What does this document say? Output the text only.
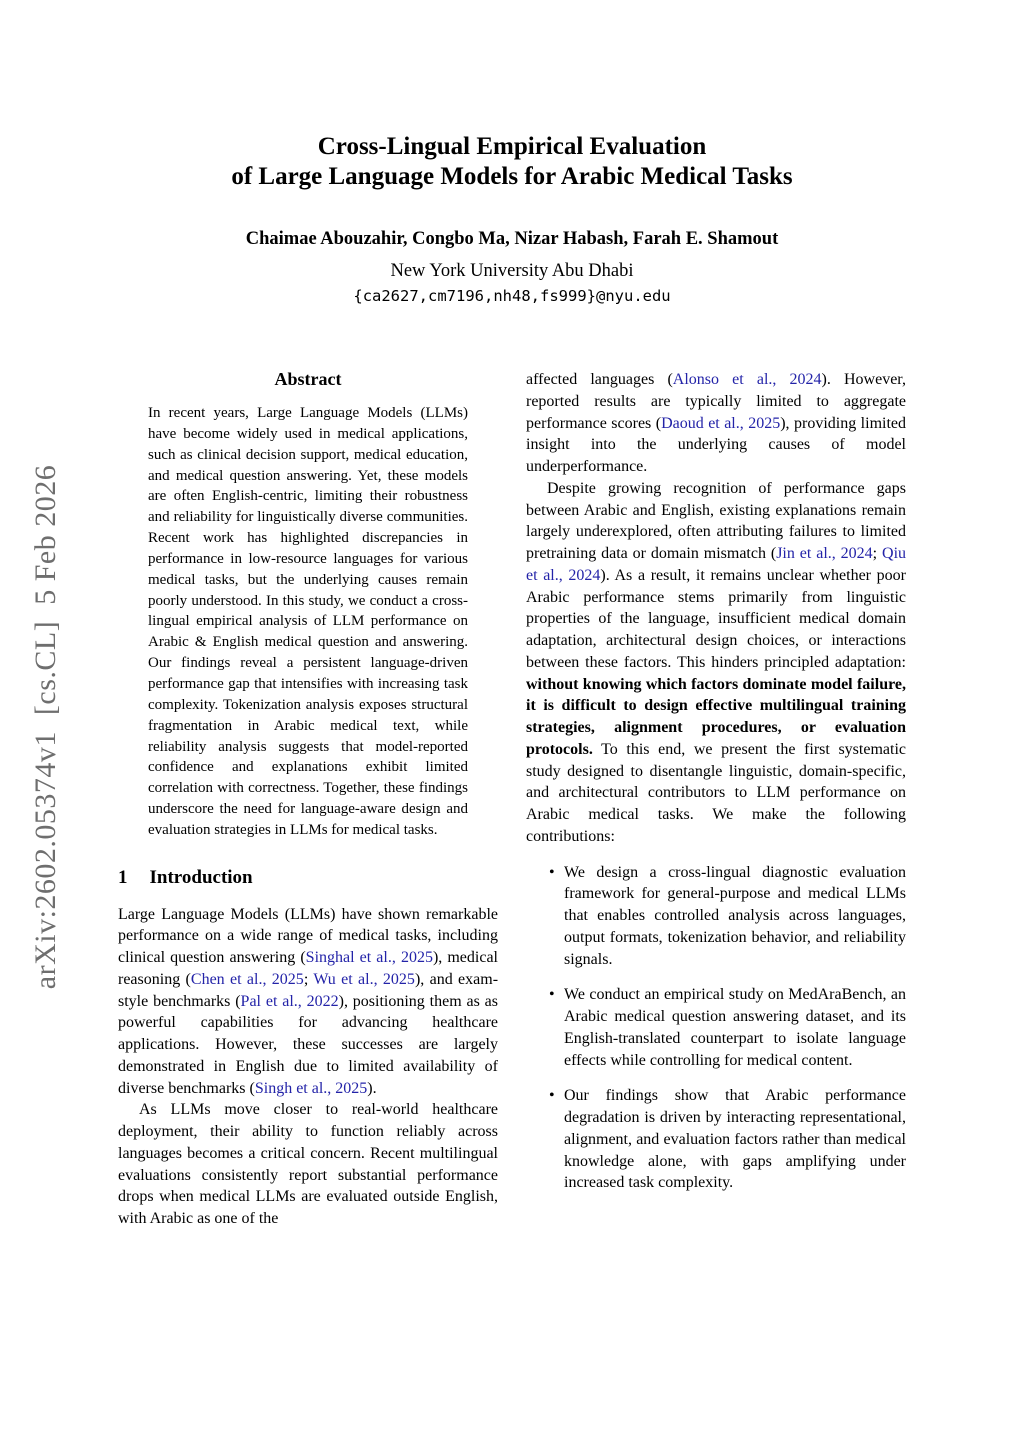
arXiv:2602.05374v1  [cs.CL]  5 Feb 2026
Cross-Lingual Empirical Evaluation
of Large Language Models for Arabic Medical Tasks
Chaimae Abouzahir, Congbo Ma, Nizar Habash, Farah E. Shamout
New York University Abu Dhabi
{ca2627,cm7196,nh48,fs999}@nyu.edu
Abstract

In recent years, Large Language Models (LLMs) have become widely used in medical applications, such as clinical decision support, medical education, and medical question answering. Yet, these models are often English-centric, limiting their robustness and reliability for linguistically diverse communities. Recent work has highlighted discrepancies in performance in low-resource languages for various medical tasks, but the underlying causes remain poorly understood. In this study, we conduct a cross-lingual empirical analysis of LLM performance on Arabic & English medical question and answering. Our findings reveal a persistent language-driven performance gap that intensifies with increasing task complexity. Tokenization analysis exposes structural fragmentation in Arabic medical text, while reliability analysis suggests that model-reported confidence and explanations exhibit limited correlation with correctness. Together, these findings underscore the need for language-aware design and evaluation strategies in LLMs for medical tasks.

1 Introduction

Large Language Models (LLMs) have shown remarkable performance on a wide range of medical tasks, including clinical question answering (Singhal et al., 2025), medical reasoning (Chen et al., 2025; Wu et al., 2025), and exam-style benchmarks (Pal et al., 2022), positioning them as as powerful capabilities for advancing healthcare applications. However, these successes are largely demonstrated in English due to limited availability of diverse benchmarks (Singh et al., 2025).

As LLMs move closer to real-world healthcare deployment, their ability to function reliably across languages becomes a critical concern. Recent multilingual evaluations consistently report substantial performance drops when medical LLMs are evaluated outside English, with Arabic as one of the

affected languages (Alonso et al., 2024). However, reported results are typically limited to aggregate performance scores (Daoud et al., 2025), providing limited insight into the underlying causes of model underperformance.

Despite growing recognition of performance gaps between Arabic and English, existing explanations remain largely underexplored, often attributing failures to limited pretraining data or domain mismatch (Jin et al., 2024; Qiu et al., 2024). As a result, it remains unclear whether poor Arabic performance stems primarily from linguistic properties of the language, insufficient medical domain adaptation, architectural design choices, or interactions between these factors. This hinders principled adaptation: without knowing which factors dominate model failure, it is difficult to design effective multilingual training strategies, alignment procedures, or evaluation protocols. To this end, we present the first systematic study designed to disentangle linguistic, domain-specific, and architectural contributors to LLM performance on Arabic medical tasks. We make the following contributions:

• We design a cross-lingual diagnostic evaluation framework for general-purpose and medical LLMs that enables controlled analysis across languages, output formats, tokenization behavior, and reliability signals.
• We conduct an empirical study on MedAraBench, an Arabic medical question answering dataset, and its English-translated counterpart to isolate language effects while controlling for medical content.
• Our findings show that Arabic performance degradation is driven by interacting representational, alignment, and evaluation factors rather than medical knowledge alone, with gaps amplifying under increased task complexity.
